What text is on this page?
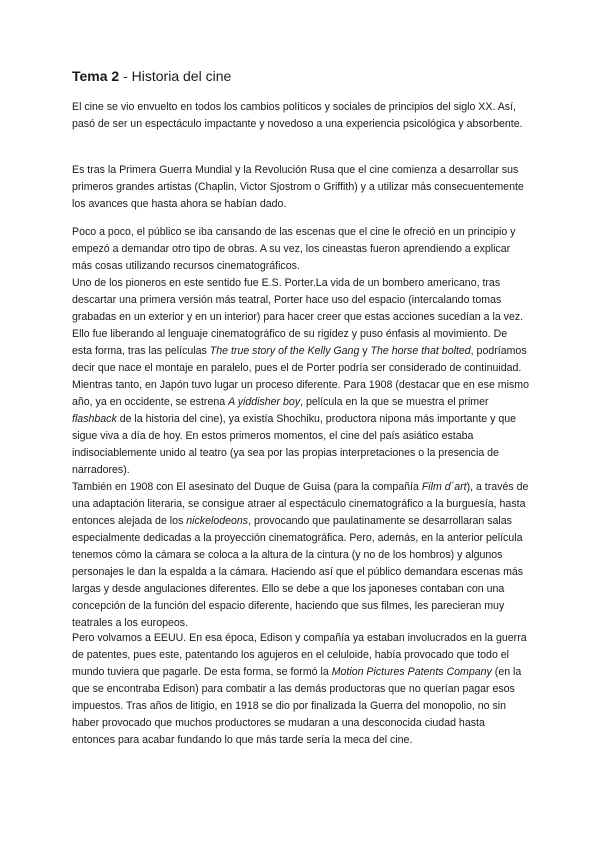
Tema 2 - Historia del cine

El cine se vio envuelto en todos los cambios políticos y sociales de principios del siglo XX. Así, pasó de ser un espectáculo impactante y novedoso a una experiencia psicológica y absorbente.

Es tras la Primera Guerra Mundial y la Revolución Rusa que el cine comienza a desarrollar sus primeros grandes artistas (Chaplin, Victor Sjostrom o Griffith) y a utilizar más consecuentemente los avances que hasta ahora se habían dado.

Poco a poco, el público se iba cansando de las escenas que el cine le ofreció en un principio y empezó a demandar otro tipo de obras. A su vez, los cineastas fueron aprendiendo a explicar más cosas utilizando recursos cinematográficos.
Uno de los pioneros en este sentido fue E.S. Porter.La vida de un bombero americano, tras descartar una primera versión más teatral, Porter hace uso del espacio (intercalando tomas grabadas en un exterior y en un interior) para hacer creer que estas acciones sucedían a la vez. Ello fue liberando al lenguaje cinematográfico de su rigidez y puso énfasis al movimiento. De esta forma, tras las películas The true story of the Kelly Gang y The horse that bolted, podríamos decir que nace el montaje en paralelo, pues el de Porter podría ser considerado de continuidad.

Mientras tanto, en Japón tuvo lugar un proceso diferente. Para 1908 (destacar que en ese mismo año, ya en occidente, se estrena A yiddisher boy, película en la que se muestra el primer flashback de la historia del cine), ya existía Shochiku, productora nipona más importante y que sigue viva a día de hoy. En estos primeros momentos, el cine del país asiático estaba indisociablemente unido al teatro (ya sea por las propias interpretaciones o la presencia de narradores).

También en 1908 con El asesinato del Duque de Guisa (para la compañía Film d´art), a través de una adaptación literaria, se consigue atraer al espectáculo cinematográfico a la burguesía, hasta entonces alejada de los nickelodeons, provocando que paulatinamente se desarrollaran salas especialmente dedicadas a la proyección cinematográfica. Pero, además, en la anterior película tenemos cómo la cámara se coloca a la altura de la cintura (y no de los hombros) y algunos personajes le dan la espalda a la cámara. Haciendo así que el público demandara escenas más largas y desde angulaciones diferentes. Ello se debe a que los japoneses contaban con una concepción de la función del espacio diferente, haciendo que sus filmes, les parecieran muy teatrales a los europeos.

Pero volvamos a EEUU. En esa época, Edison y compañía ya estaban involucrados en la guerra de patentes, pues este, patentando los agujeros en el celuloide, había provocado que todo el mundo tuviera que pagarle. De esta forma, se formó la Motion Pictures Patents Company (en la que se encontraba Edison) para combatir a las demás productoras que no querían pagar esos impuestos. Tras años de litigio, en 1918 se dio por finalizada la Guerra del monopolio, no sin haber provocado que muchos productores se mudaran a una desconocida ciudad hasta entonces para acabar fundando lo que más tarde sería la meca del cine.
